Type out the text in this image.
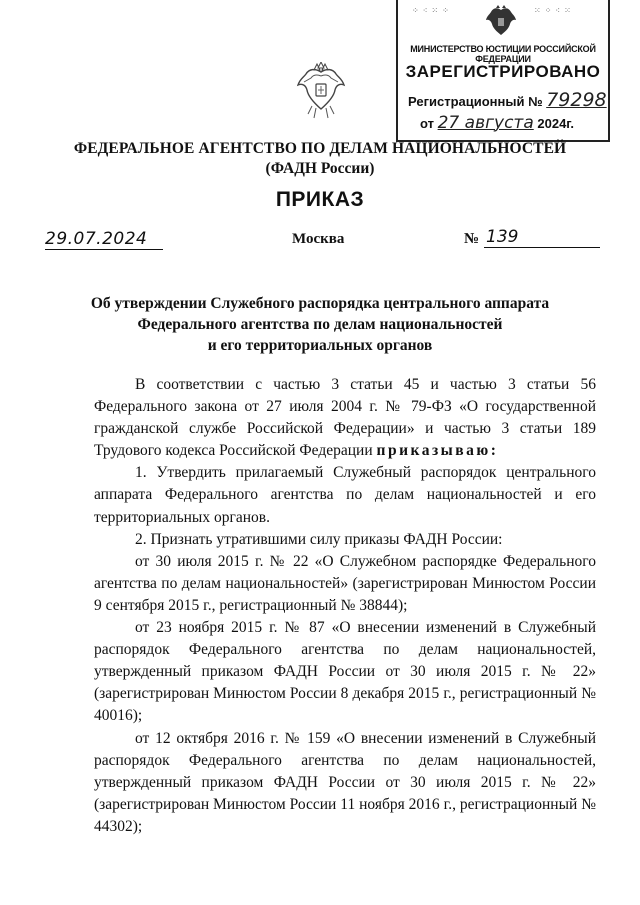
⁘ ⁖ ⁙ ⁘	⁙ ⁘ ⁖ ⁙
МИНИСТЕРСТВО ЮСТИЦИИ РОССИЙСКОЙ ФЕДЕРАЦИИ
ЗАРЕГИСТРИРОВАНО
Регистрационный № 79298
от 27 августа 2024г.
ФЕДЕРАЛЬНОЕ АГЕНТСТВО ПО ДЕЛАМ НАЦИОНАЛЬНОСТЕЙ
(ФАДН России)
ПРИКАЗ
29.07.2024	Москва	№ 139
Об утверждении Служебного распорядка центрального аппарата
Федерального агентства по делам национальностей
и его территориальных органов

В соответствии с частью 3 статьи 45 и частью 3 статьи 56 Федерального закона от 27 июля 2004 г. № 79-ФЗ «О государственной гражданской службе Российской Федерации» и частью 3 статьи 189 Трудового кодекса Российской Федерации приказываю:

1. Утвердить прилагаемый Служебный распорядок центрального аппарата Федерального агентства по делам национальностей и его территориальных органов.

2. Признать утратившими силу приказы ФАДН России:

от 30 июля 2015 г. № 22 «О Служебном распорядке Федерального агентства по делам национальностей» (зарегистрирован Минюстом России 9 сентября 2015 г., регистрационный № 38844);

от 23 ноября 2015 г. № 87 «О внесении изменений в Служебный распорядок Федерального агентства по делам национальностей, утвержденный приказом ФАДН России от 30 июля 2015 г. № 22» (зарегистрирован Минюстом России 8 декабря 2015 г., регистрационный № 40016);

от 12 октября 2016 г. № 159 «О внесении изменений в Служебный распорядок Федерального агентства по делам национальностей, утвержденный приказом ФАДН России от 30 июля 2015 г. № 22» (зарегистрирован Минюстом России 11 ноября 2016 г., регистрационный № 44302);
